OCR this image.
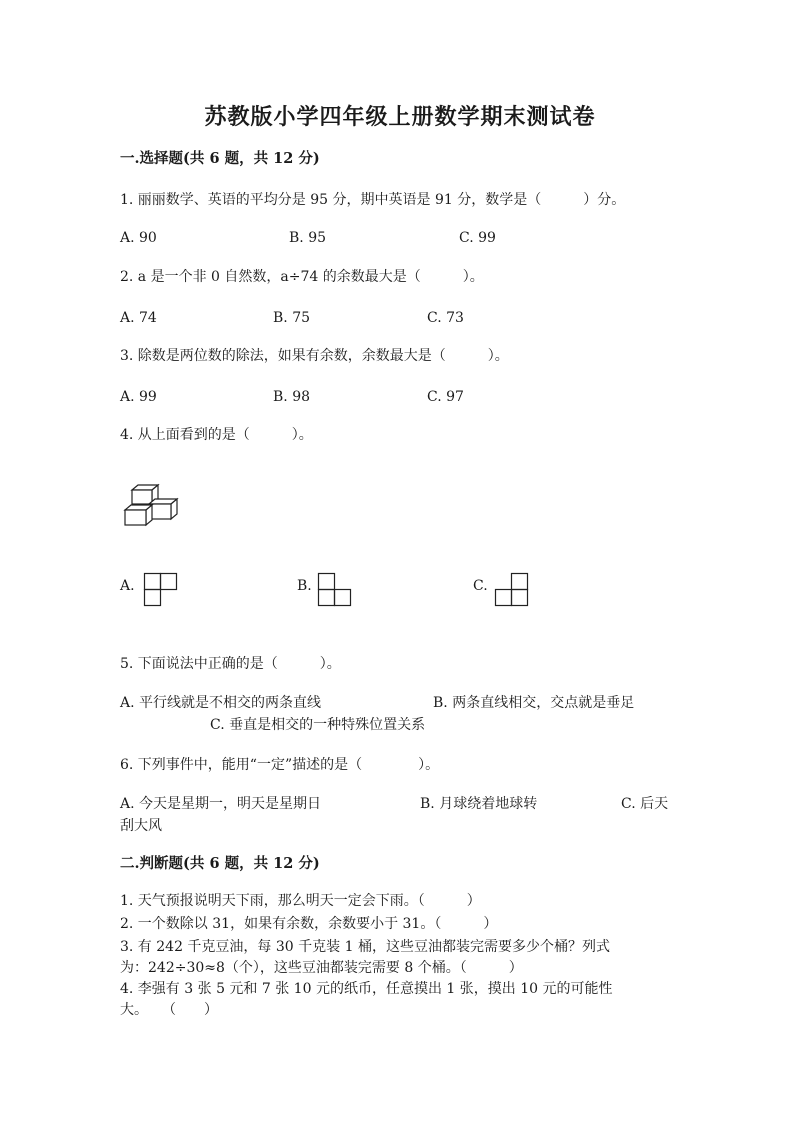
苏教版小学四年级上册数学期末测试卷
一.选择题(共 6 题，共 12 分)
1. 丽丽数学、英语的平均分是 95 分，期中英语是 91 分，数学是（　　　）分。
A. 90	B. 95	C. 99
2. a 是一个非 0 自然数，a÷74 的余数最大是（　　　）。
A. 74	B. 75	C. 73
3. 除数是两位数的除法，如果有余数，余数最大是（　　　）。
A. 99	B. 98	C. 97
4. 从上面看到的是（　　　）。
A.	B.	C.
5. 下面说法中正确的是（　　　）。
A. 平行线就是不相交的两条直线	B. 两条直线相交，交点就是垂足
C. 垂直是相交的一种特殊位置关系
6. 下列事件中，能用“一定”描述的是（　　　　）。
A. 今天是星期一，明天是星期日	B. 月球绕着地球转	C. 后天
刮大风
二.判断题(共 6 题，共 12 分)
1. 天气预报说明天下雨，那么明天一定会下雨。（　　　）
2. 一个数除以 31，如果有余数，余数要小于 31。（　　　）
3. 有 242 千克豆油，每 30 千克装 1 桶，这些豆油都装完需要多少个桶？列式
为：242÷30≈8（个），这些豆油都装完需要 8 个桶。（　　　）
4. 李强有 3 张 5 元和 7 张 10 元的纸币，任意摸出 1 张，摸出 10 元的可能性
大。　　（　　）
